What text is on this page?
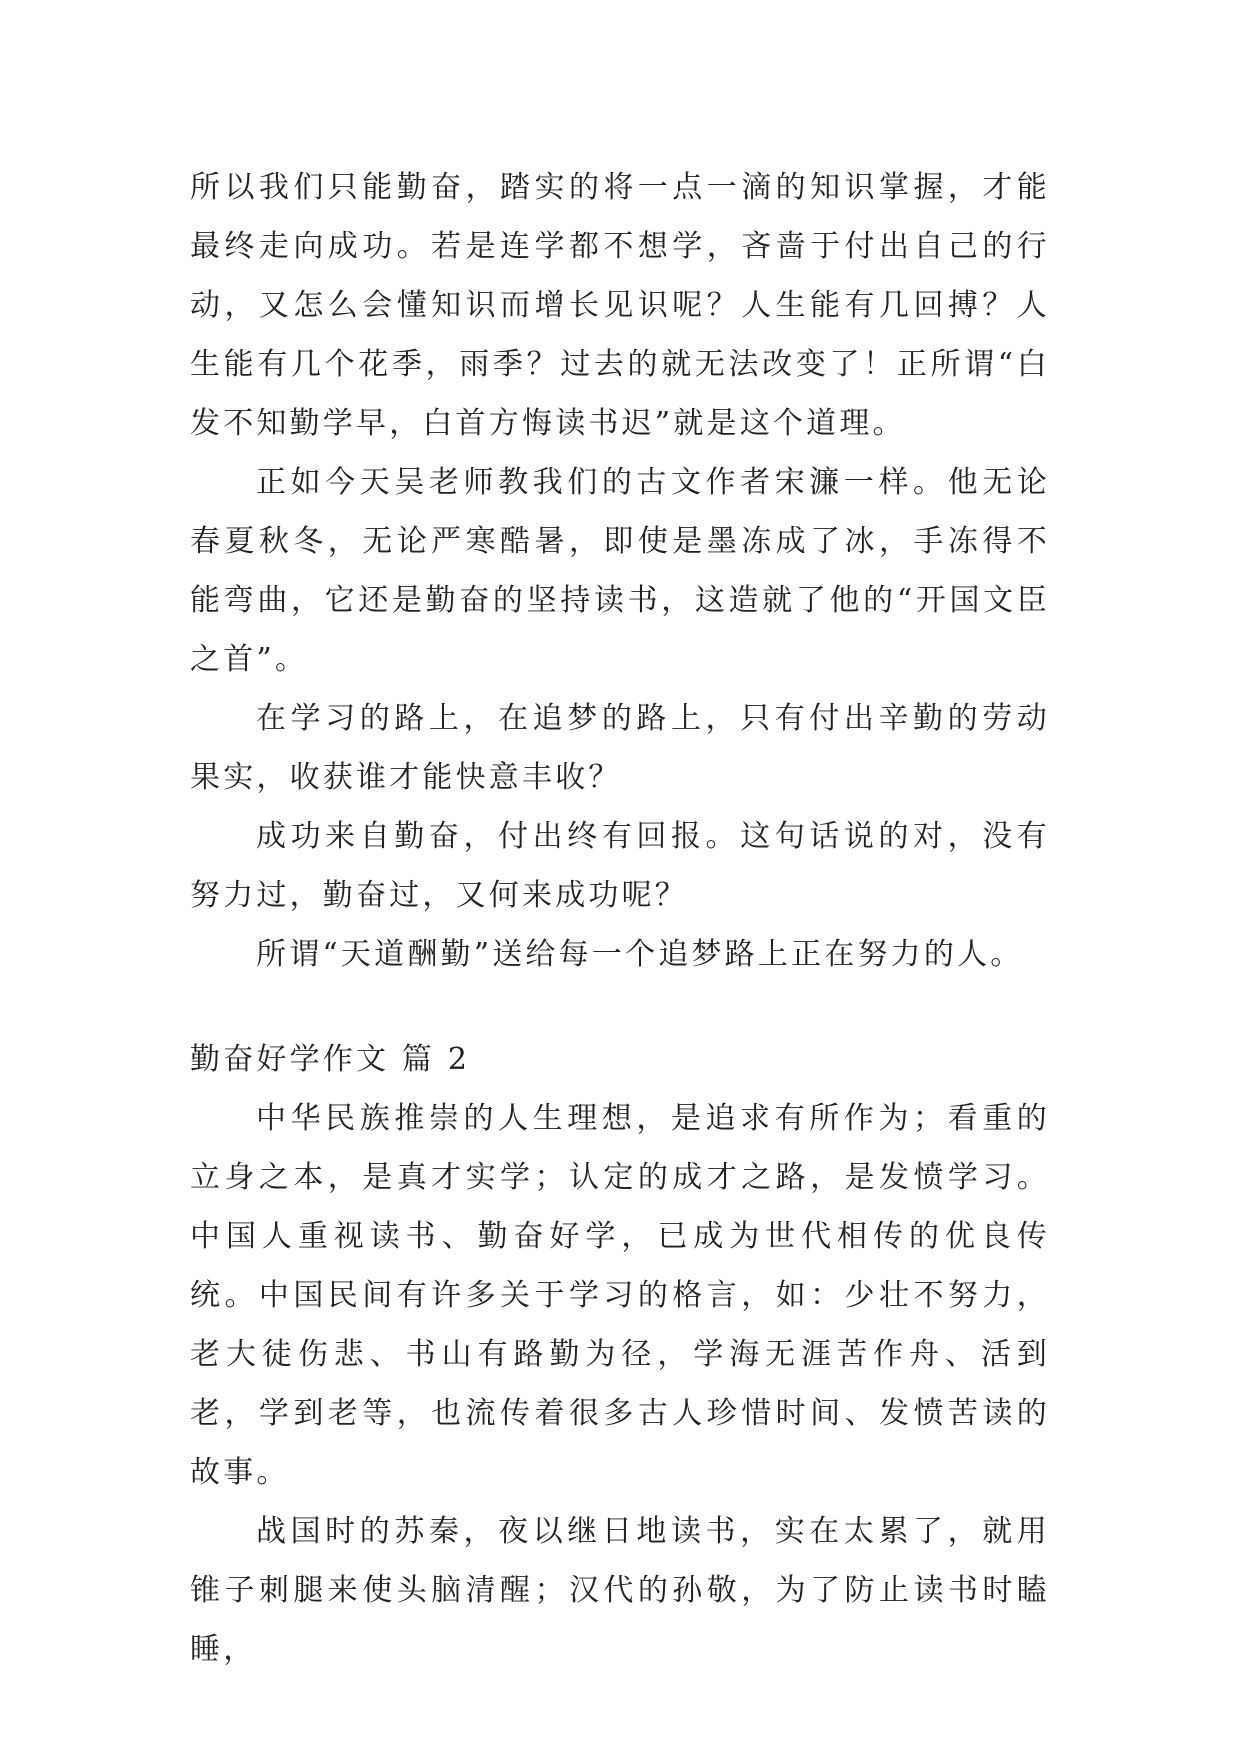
所以我们只能勤奋，踏实的将一点一滴的知识掌握，才能最终走向成功。若是连学都不想学，吝啬于付出自己的行动，又怎么会懂知识而增长见识呢？人生能有几回搏？人生能有几个花季，雨季？过去的就无法改变了！正所谓“白发不知勤学早，白首方悔读书迟”就是这个道理。

正如今天吴老师教我们的古文作者宋濂一样。他无论春夏秋冬，无论严寒酷暑，即使是墨冻成了冰，手冻得不能弯曲，它还是勤奋的坚持读书，这造就了他的“开国文臣之首”。

在学习的路上，在追梦的路上，只有付出辛勤的劳动果实，收获谁才能快意丰收？

成功来自勤奋，付出终有回报。这句话说的对，没有努力过，勤奋过，又何来成功呢？

所谓“天道酬勤”送给每一个追梦路上正在努力的人。

勤奋好学作文 篇 2

中华民族推崇的人生理想，是追求有所作为；看重的立身之本，是真才实学；认定的成才之路，是发愤学习。中国人重视读书、勤奋好学，已成为世代相传的优良传统。中国民间有许多关于学习的格言，如：少壮不努力，老大徒伤悲、书山有路勤为径，学海无涯苦作舟、活到老，学到老等，也流传着很多古人珍惜时间、发愤苦读的故事。

战国时的苏秦，夜以继日地读书，实在太累了，就用锥子刺腿来使头脑清醒；汉代的孙敬，为了防止读书时瞌睡，
